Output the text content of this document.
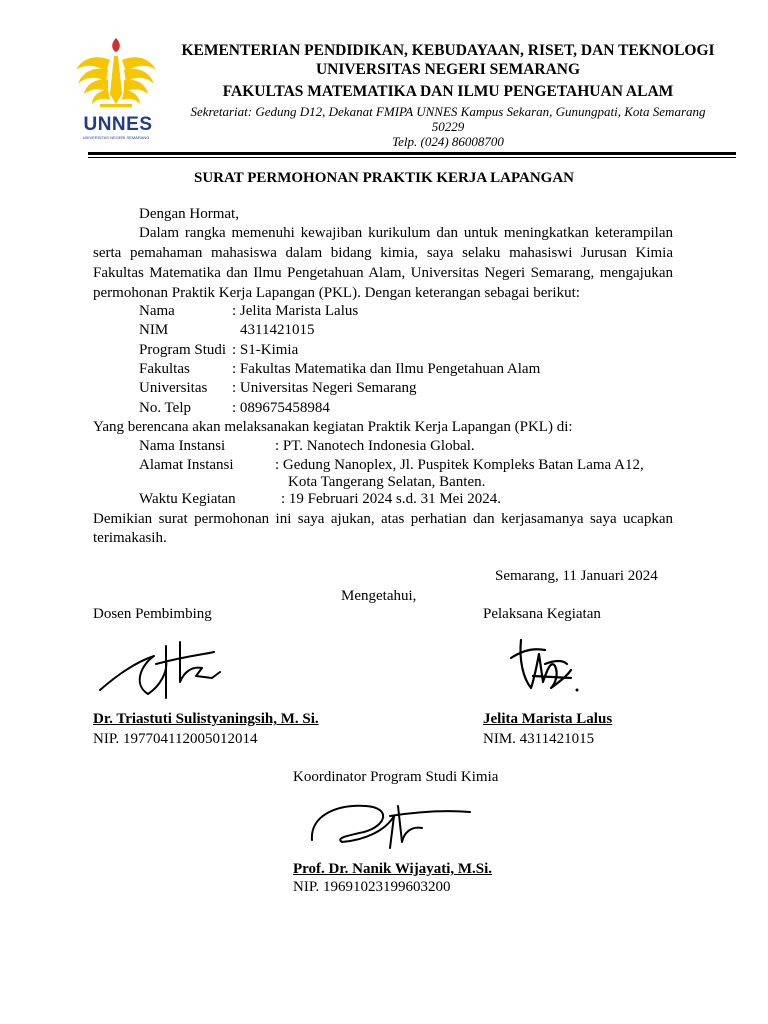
UNNES
UNIVERSITAS NEGERI SEMARANG
KEMENTERIAN PENDIDIKAN, KEBUDAYAAN, RISET, DAN TEKNOLOGI
UNIVERSITAS NEGERI SEMARANG
FAKULTAS MATEMATIKA DAN ILMU PENGETAHUAN ALAM
Sekretariat: Gedung D12, Dekanat FMIPA UNNES Kampus Sekaran, Gunungpati, Kota Semarang
50229
Telp. (024) 86008700
SURAT PERMOHONAN PRAKTIK KERJA LAPANGAN
Dengan Hormat,
Dalam rangka memenuhi kewajiban kurikulum dan untuk meningkatkan keterampilan
serta pemahaman mahasiswa dalam bidang kimia, saya selaku mahasiswi Jurusan Kimia
Fakultas Matematika dan Ilmu Pengetahuan Alam, Universitas Negeri Semarang, mengajukan
permohonan Praktik Kerja Lapangan (PKL). Dengan keterangan sebagai berikut:
Nama	: Jelita Marista Lalus
NIM	4311421015
Program Studi : S1-Kimia
Fakultas	: Fakultas Matematika dan Ilmu Pengetahuan Alam
Universitas : Universitas Negeri Semarang
No. Telp	: 089675458984
Yang berencana akan melaksanakan kegiatan Praktik Kerja Lapangan (PKL) di:
Nama Instansi	: PT. Nanotech Indonesia Global.
Alamat Instansi	: Gedung Nanoplex, Jl. Puspitek Kompleks Batan Lama A12,
Kota Tangerang Selatan, Banten.
Waktu Kegiatan	: 19 Februari 2024 s.d. 31 Mei 2024.
Demikian surat permohonan ini saya ajukan, atas perhatian dan kerjasamanya saya ucapkan
terimakasih.
Semarang, 11 Januari 2024
Mengetahui,
Dosen Pembimbing
Dr. Triastuti Sulistyaningsih, M. Si.
NIP. 197704112005012014
Pelaksana Kegiatan
Jelita Marista Lalus
NIM. 4311421015
Koordinator Program Studi Kimia
Prof. Dr. Nanik Wijayati, M.Si.
NIP. 19691023199603200
